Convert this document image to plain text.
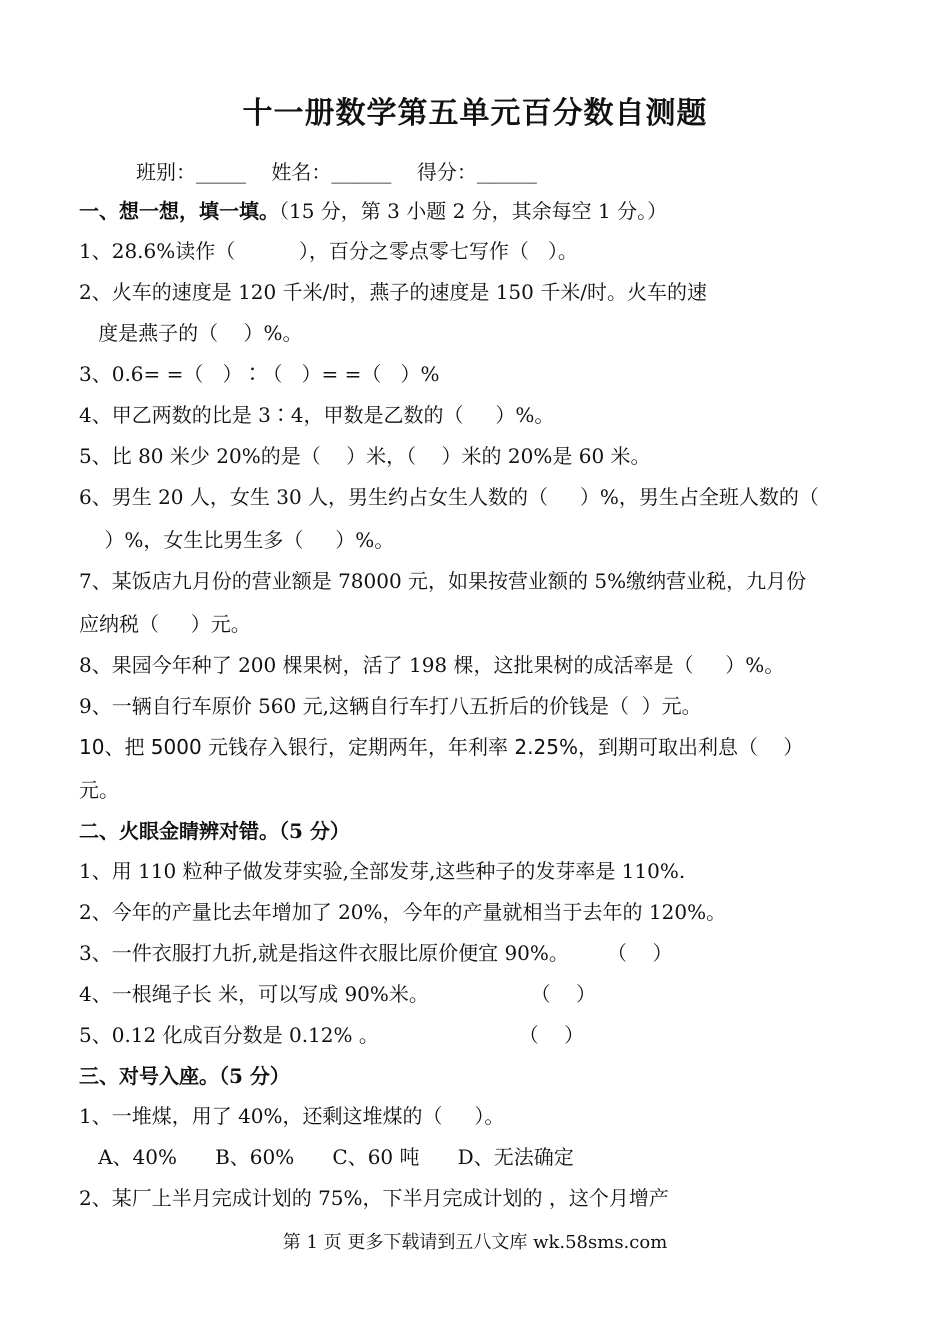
十一册数学第五单元百分数自测题
班别：_____    姓名：______    得分：______
一、想一想，填一填。（15 分，第 3 小题 2 分，其余每空 1 分。）
1、28.6%读作（          ），百分之零点零七写作（   ）。
2、火车的速度是 120 千米/时，燕子的速度是 150 千米/时。火车的速
度是燕子的（    ）%。
3、0.6= =（   ）∶（   ）= =（   ）%
4、甲乙两数的比是 3∶4，甲数是乙数的（     ）%。
5、比 80 米少 20%的是（    ）米，（    ）米的 20%是 60 米。
6、男生 20 人，女生 30 人，男生约占女生人数的（     ）%，男生占全班人数的（
）%，女生比男生多（     ）%。
7、某饭店九月份的营业额是 78000 元，如果按营业额的 5%缴纳营业税，九月份
应纳税（     ）元。
8、果园今年种了 200 棵果树，活了 198 棵，这批果树的成活率是（     ）%。
9、一辆自行车原价 560 元,这辆自行车打八五折后的价钱是（  ）元。
10、把 5000 元钱存入银行，定期两年，年利率 2.25%，到期可取出利息（    ）
元。
二、火眼金睛辨对错。（5 分）
1、用 110 粒种子做发芽实验,全部发芽,这些种子的发芽率是 110%.
2、今年的产量比去年增加了 20%，今年的产量就相当于去年的 120%。
3、一件衣服打九折,就是指这件衣服比原价便宜 90%。      （    ）
4、一根绳子长 米，可以写成 90%米。                （    ）
5、0.12 化成百分数是 0.12% 。                      （    ）
三、对号入座。（5 分）
1、一堆煤，用了 40%，还剩这堆煤的（     ）。
A、40%      B、60%      C、60 吨      D、无法确定
2、某厂上半月完成计划的 75%，下半月完成计划的 ，这个月增产
第 1 页 更多下载请到五八文库 wk.58sms.com
